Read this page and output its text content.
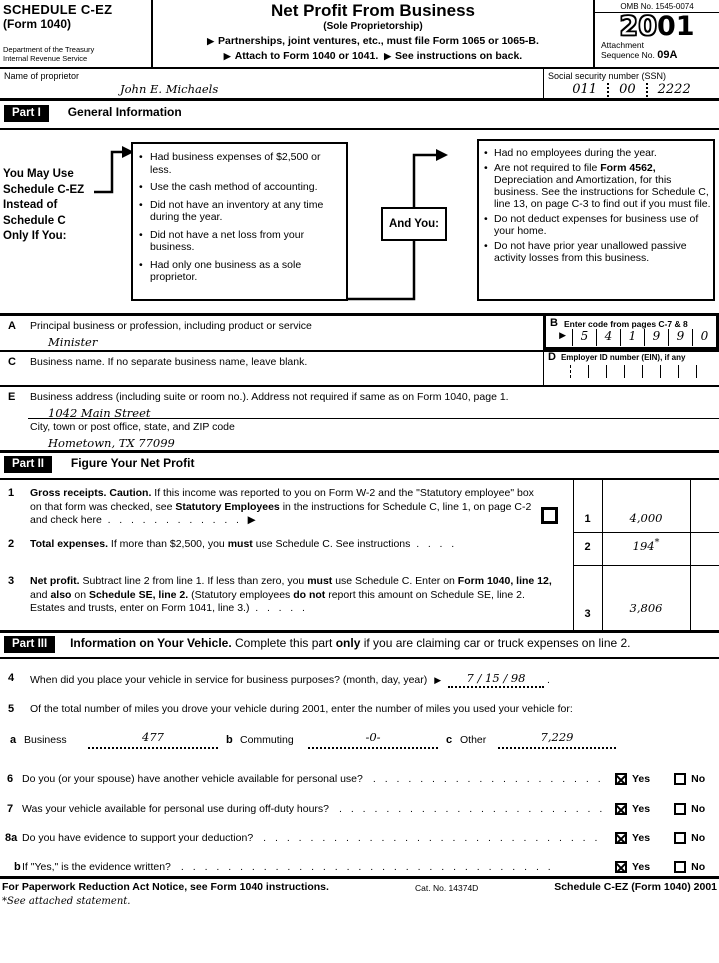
SCHEDULE C-EZ
(Form 1040)
Department of the Treasury
Internal Revenue Service
Net Profit From Business
(Sole Proprietorship)
▶ Partnerships, joint ventures, etc., must file Form 1065 or 1065-B.
▶ Attach to Form 1040 or 1041. ▶ See instructions on back.
OMB No. 1545-0074
2001
Attachment
Sequence No. 09A
Name of proprietor
John E. Michaels
Social security number (SSN)
011 00 2222
Part I General Information
You May Use
Schedule C-EZ
Instead of
Schedule C
Only If You:
• Had business expenses of $2,500 or less.
• Use the cash method of accounting.
• Did not have an inventory at any time during the year.
• Did not have a net loss from your business.
• Had only one business as a sole proprietor.
And You:
• Had no employees during the year.
• Are not required to file Form 4562, Depreciation and Amortization, for this business. See the instructions for Schedule C, line 13, on page C-3 to find out if you must file.
• Do not deduct expenses for business use of your home.
• Do not have prior year unallowed passive activity losses from this business.
A Principal business or profession, including product or service
Minister
B Enter code from pages C-7 & 8
▶
5	4	1	9	9	0
C Business name. If no separate business name, leave blank.	D Employer ID number (EIN), if any
E Business address (including suite or room no.). Address not required if same as on Form 1040, page 1.
1042 Main Street
City, town or post office, state, and ZIP code
Hometown, TX 77099
Part II Figure Your Net Profit
1 Gross receipts. Caution. If this income was reported to you on Form W-2 and the "Statutory employee" box on that form was checked, see Statutory Employees in the instructions for Schedule C, line 1, on page C-2 and check here  .   .   .   .   .   .   .   .   .   .   .   .   ▶	1	4,000
2 Total expenses. If more than $2,500, you must use Schedule C. See instructions  .   .   .   .	2	194*
3 Net profit. Subtract line 2 from line 1. If less than zero, you must use Schedule C. Enter on Form 1040, line 12, and also on Schedule SE, line 2. (Statutory employees do not report this amount on Schedule SE, line 2. Estates and trusts, enter on Form 1041, line 3.)  .   .   .   .   .	3	3,806
Part III Information on Your Vehicle. Complete this part only if you are claiming car or truck expenses on line 2.
4 When did you place your vehicle in service for business purposes? (month, day, year) ▶	7 / 15 / 98 .
5 Of the total number of miles you drove your vehicle during 2001, enter the number of miles you used your vehicle for:
a Business	477	b Commuting	-0-	c Other	7,229
6 Do you (or your spouse) have another vehicle available for personal use? . .	Yes	No
7 Was your vehicle available for personal use during off-duty hours? . .	Yes	No
8a Do you have evidence to support your deduction? . .	Yes	No
b If "Yes," is the evidence written? . .	Yes	No
For Paperwork Reduction Act Notice, see Form 1040 instructions.	Cat. No. 14374D	Schedule C-EZ (Form 1040) 2001
*See attached statement.
